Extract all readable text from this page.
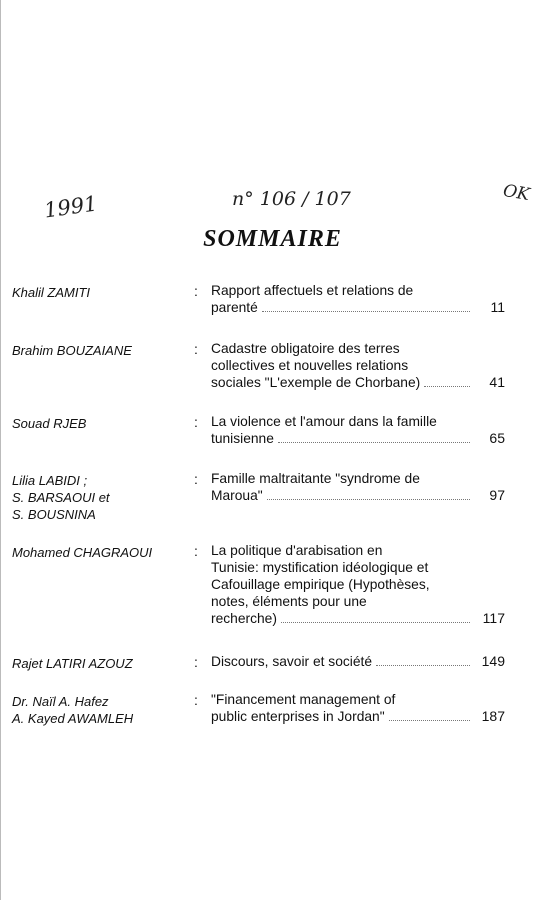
1991	n° 106 / 107	OK
SOMMAIRE
Khalil ZAMITI	: Rapport affectuels et relations de
parenté	11
Brahim BOUZAIANE	: Cadastre obligatoire des terres
collectives et nouvelles relations
sociales "L'exemple de Chorbane)	41
Souad RJEB	: La violence et l'amour dans la famille
tunisienne	65
Lilia LABIDI ;
S. BARSAOUI et
S. BOUSNINA
: Famille maltraitante "syndrome de
Maroua"	97
Mohamed CHAGRAOUI	: La politique d'arabisation en
Tunisie: mystification idéologique et
Cafouillage empirique (Hypothèses,
notes, éléments pour une
recherche)	117
Rajet LATIRI AZOUZ	: Discours, savoir et société	149
Dr. Naïl A. Hafez
A. Kayed AWAMLEH
: "Financement management of
public enterprises in Jordan"	187
